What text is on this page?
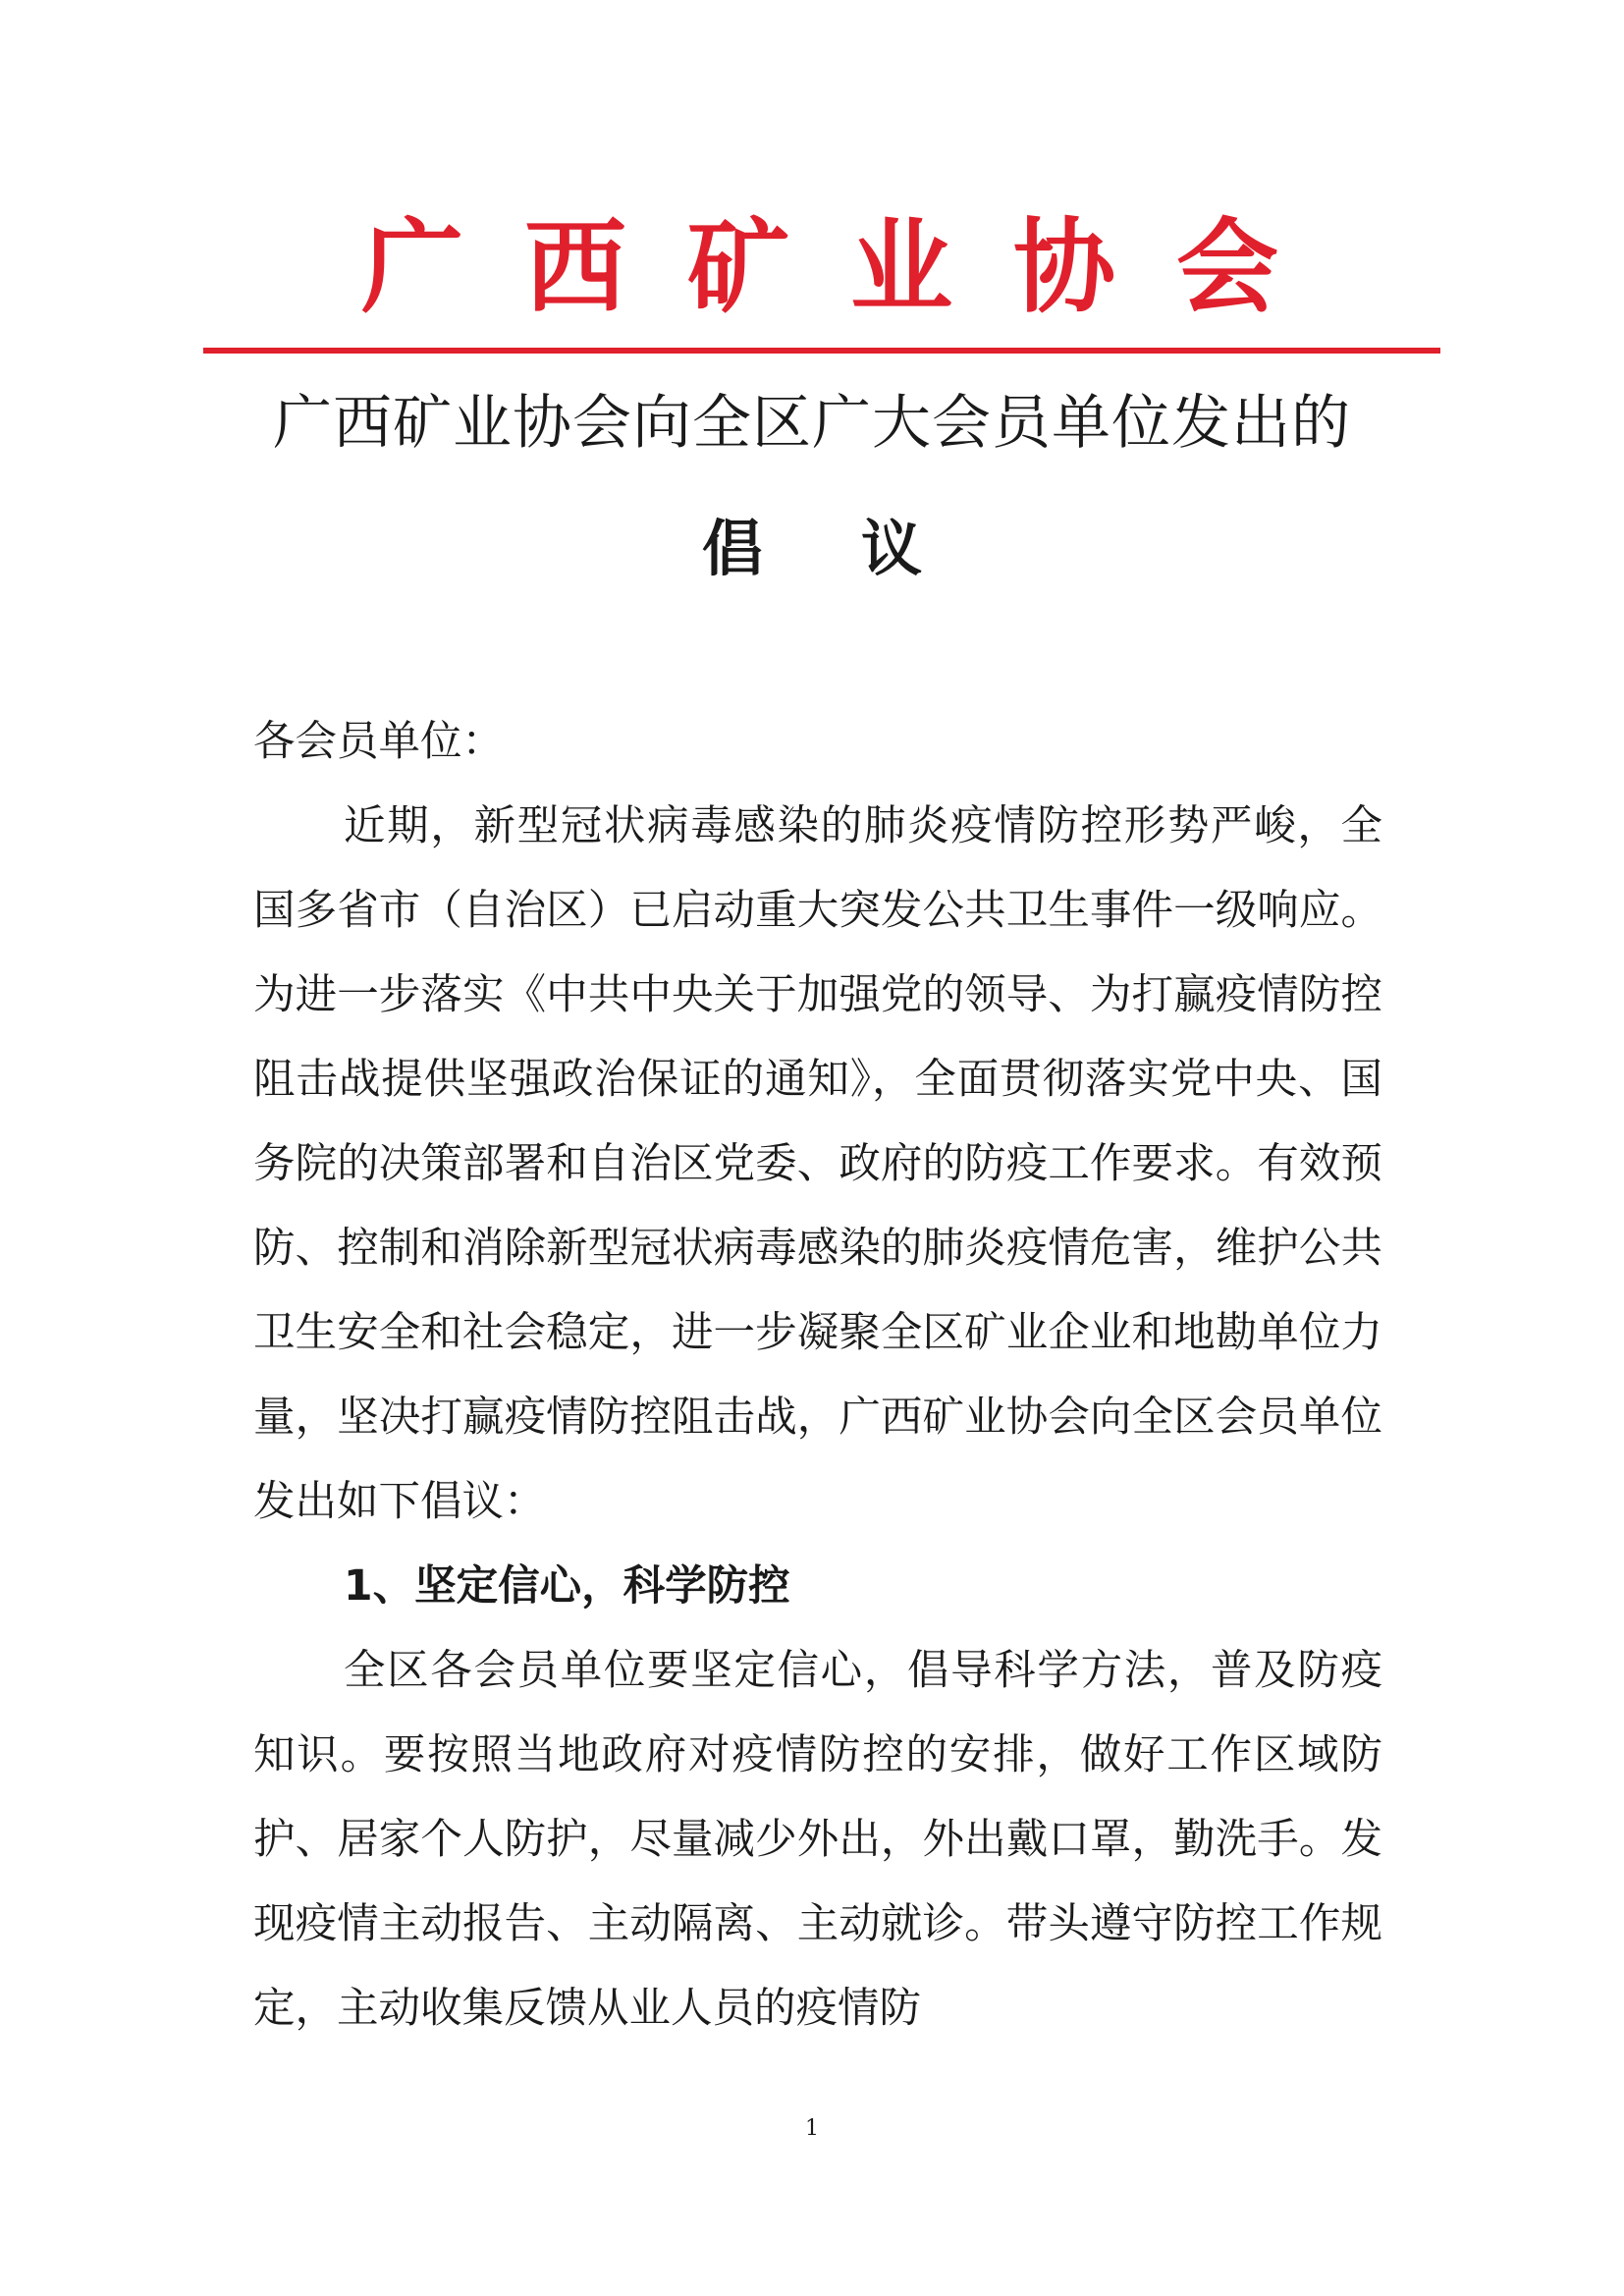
广西矿业协会
广西矿业协会向全区广大会员单位发出的
倡议
各会员单位：
近期，新型冠状病毒感染的肺炎疫情防控形势严峻，全国多省市（自治区）已启动重大突发公共卫生事件一级响应。为进一步落实《中共中央关于加强党的领导、为打赢疫情防控阻击战提供坚强政治保证的通知》，全面贯彻落实党中央、国务院的决策部署和自治区党委、政府的防疫工作要求。有效预防、控制和消除新型冠状病毒感染的肺炎疫情危害，维护公共卫生安全和社会稳定，进一步凝聚全区矿业企业和地勘单位力量，坚决打赢疫情防控阻击战，广西矿业协会向全区会员单位发出如下倡议：
1、坚定信心，科学防控
全区各会员单位要坚定信心，倡导科学方法，普及防疫知识。要按照当地政府对疫情防控的安排，做好工作区域防护、居家个人防护，尽量减少外出，外出戴口罩，勤洗手。发现疫情主动报告、主动隔离、主动就诊。带头遵守防控工作规定，主动收集反馈从业人员的疫情防
1
